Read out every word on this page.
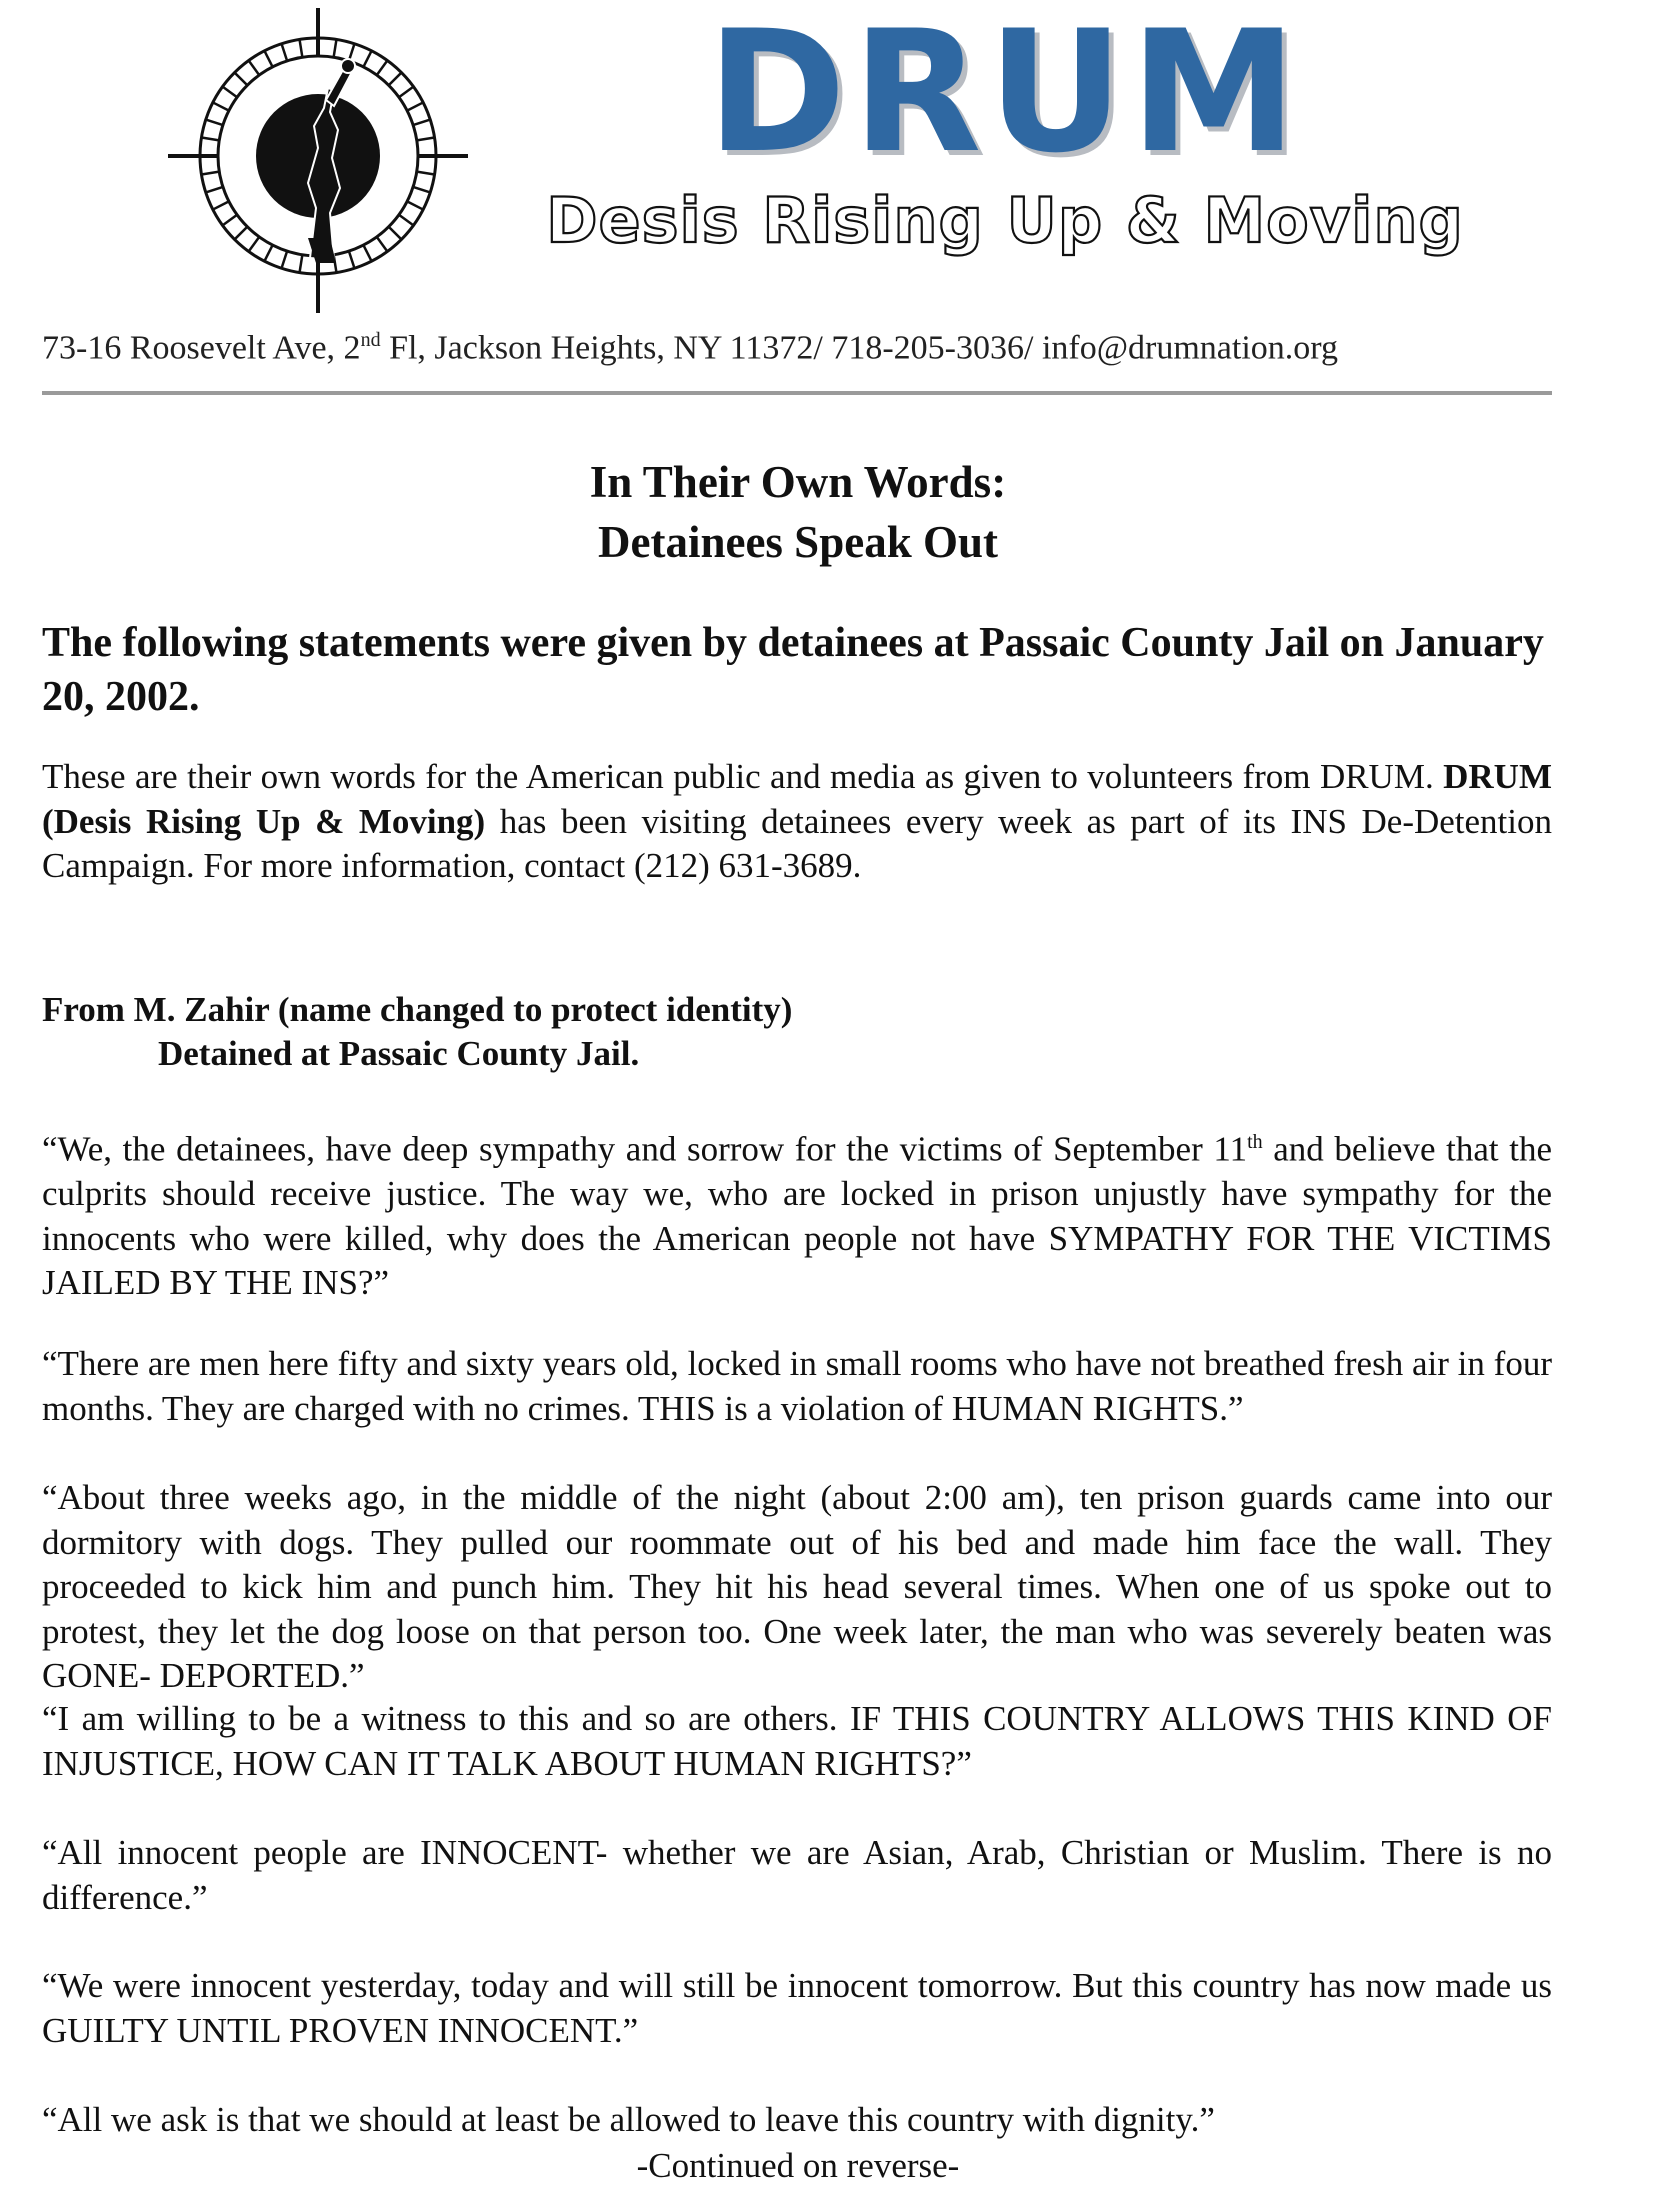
DRUM
Desis Rising Up & Moving
73-16 Roosevelt Ave, 2nd Fl, Jackson Heights, NY 11372/ 718-205-3036/ info@drumnation.org
In Their Own Words:
Detainees Speak Out
The following statements were given by detainees at Passaic County Jail on January 20, 2002.
These are their own words for the American public and media as given to volunteers from DRUM. DRUM (Desis Rising Up & Moving) has been visiting detainees every week as part of its INS De-Detention Campaign. For more information, contact (212) 631-3689.
From M. Zahir (name changed to protect identity)
Detained at Passaic County Jail.
“We, the detainees, have deep sympathy and sorrow for the victims of September 11th and believe that the culprits should receive justice. The way we, who are locked in prison unjustly have sympathy for the innocents who were killed, why does the American people not have SYMPATHY FOR THE VICTIMS JAILED BY THE INS?”
“There are men here fifty and sixty years old, locked in small rooms who have not breathed fresh air in four months. They are charged with no crimes. THIS is a violation of HUMAN RIGHTS.”
“About three weeks ago, in the middle of the night (about 2:00 am), ten prison guards came into our dormitory with dogs. They pulled our roommate out of his bed and made him face the wall. They proceeded to kick him and punch him. They hit his head several times. When one of us spoke out to protest, they let the dog loose on that person too. One week later, the man who was severely beaten was GONE- DEPORTED.”
“I am willing to be a witness to this and so are others. IF THIS COUNTRY ALLOWS THIS KIND OF INJUSTICE, HOW CAN IT TALK ABOUT HUMAN RIGHTS?”
“All innocent people are INNOCENT- whether we are Asian, Arab, Christian or Muslim. There is no difference.”
“We were innocent yesterday, today and will still be innocent tomorrow. But this country has now made us GUILTY UNTIL PROVEN INNOCENT.”
“All we ask is that we should at least be allowed to leave this country with dignity.”
-Continued on reverse-
